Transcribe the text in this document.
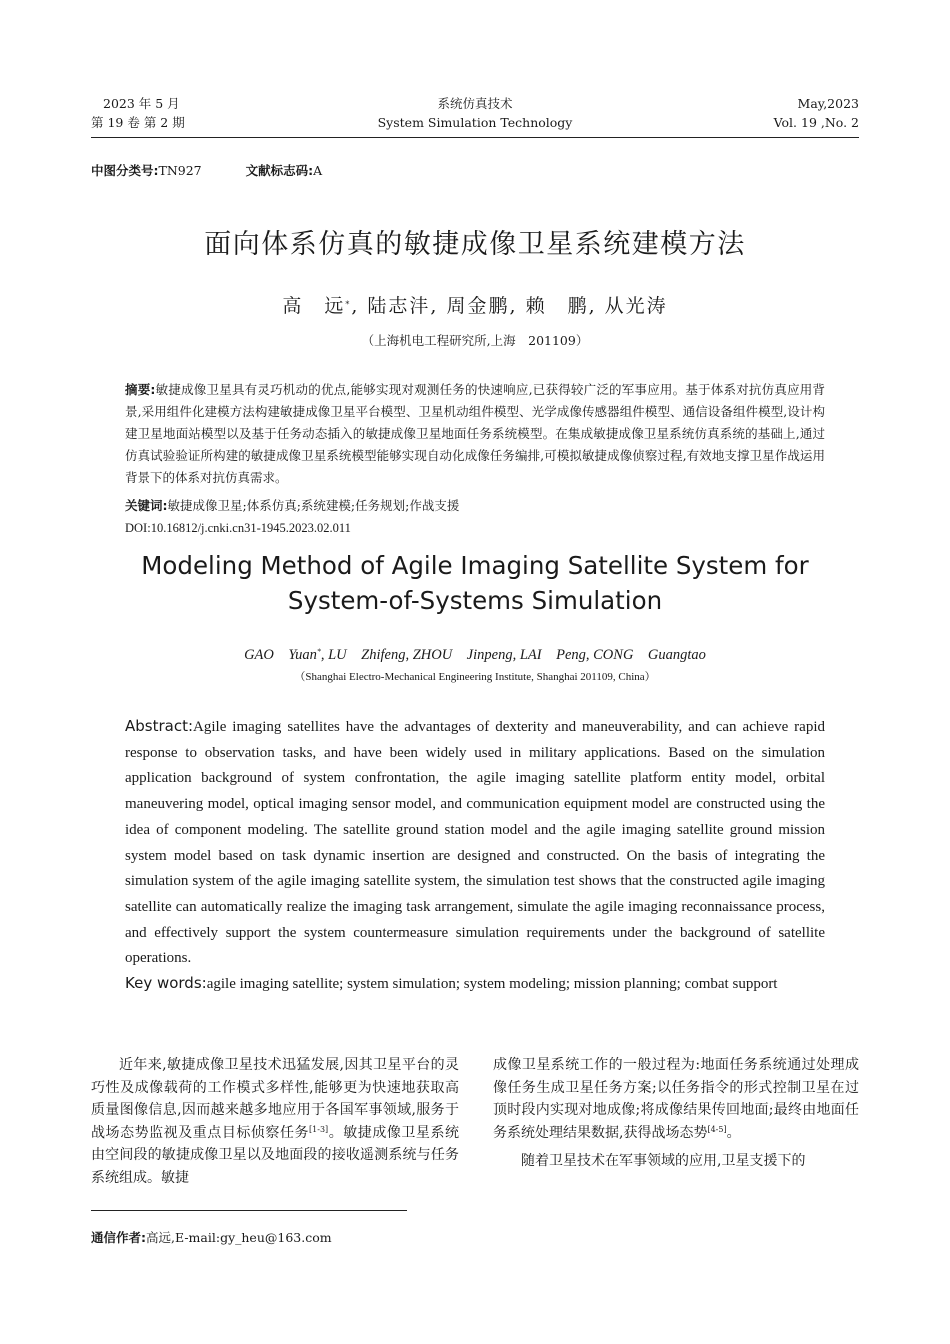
2023 年 5 月
第 19 卷 第 2 期
系统仿真技术
System Simulation Technology
May,2023
Vol. 19 ,No. 2
中图分类号:TN927	文献标志码:A
面向体系仿真的敏捷成像卫星系统建模方法
高　远*, 陆志沣, 周金鹏, 赖　鹏, 从光涛
（上海机电工程研究所,上海　201109）
摘要:敏捷成像卫星具有灵巧机动的优点,能够实现对观测任务的快速响应,已获得较广泛的军事应用。基于体系对抗仿真应用背景,采用组件化建模方法构建敏捷成像卫星平台模型、卫星机动组件模型、光学成像传感器组件模型、通信设备组件模型,设计构建卫星地面站模型以及基于任务动态插入的敏捷成像卫星地面任务系统模型。在集成敏捷成像卫星系统仿真系统的基础上,通过仿真试验验证所构建的敏捷成像卫星系统模型能够实现自动化成像任务编排,可模拟敏捷成像侦察过程,有效地支撑卫星作战运用背景下的体系对抗仿真需求。
关键词:敏捷成像卫星;体系仿真;系统建模;任务规划;作战支援
DOI:10.16812/j.cnki.cn31-1945.2023.02.011
Modeling Method of Agile Imaging Satellite System for
System-of-Systems Simulation
GAO　Yuan*, LU　Zhifeng, ZHOU　Jinpeng, LAI　Peng, CONG　Guangtao
（Shanghai Electro-Mechanical Engineering Institute, Shanghai 201109, China）
Abstract:Agile imaging satellites have the advantages of dexterity and maneuverability, and can achieve rapid response to observation tasks, and have been widely used in military applications. Based on the simulation application background of system confrontation, the agile imaging satellite platform entity model, orbital maneuvering model, optical imaging sensor model, and communication equipment model are constructed using the idea of component modeling. The satellite ground station model and the agile imaging satellite ground mission system model based on task dynamic insertion are designed and constructed. On the basis of integrating the simulation system of the agile imaging satellite system, the simulation test shows that the constructed agile imaging satellite can automatically realize the imaging task arrangement, simulate the agile imaging reconnaissance process, and effectively support the system countermeasure simulation requirements under the background of satellite operations.
Key words:agile imaging satellite; system simulation; system modeling; mission planning; combat support

近年来,敏捷成像卫星技术迅猛发展,因其卫星平台的灵巧性及成像载荷的工作模式多样性,能够更为快速地获取高质量图像信息,因而越来越多地应用于各国军事领域,服务于战场态势监视及重点目标侦察任务[1-3]。敏捷成像卫星系统由空间段的敏捷成像卫星以及地面段的接收遥测系统与任务系统组成。敏捷

成像卫星系统工作的一般过程为:地面任务系统通过处理成像任务生成卫星任务方案;以任务指令的形式控制卫星在过顶时段内实现对地成像;将成像结果传回地面;最终由地面任务系统处理结果数据,获得战场态势[4-5]。

随着卫星技术在军事领域的应用,卫星支援下的

通信作者:高远,E-mail:gy_heu@163.com
